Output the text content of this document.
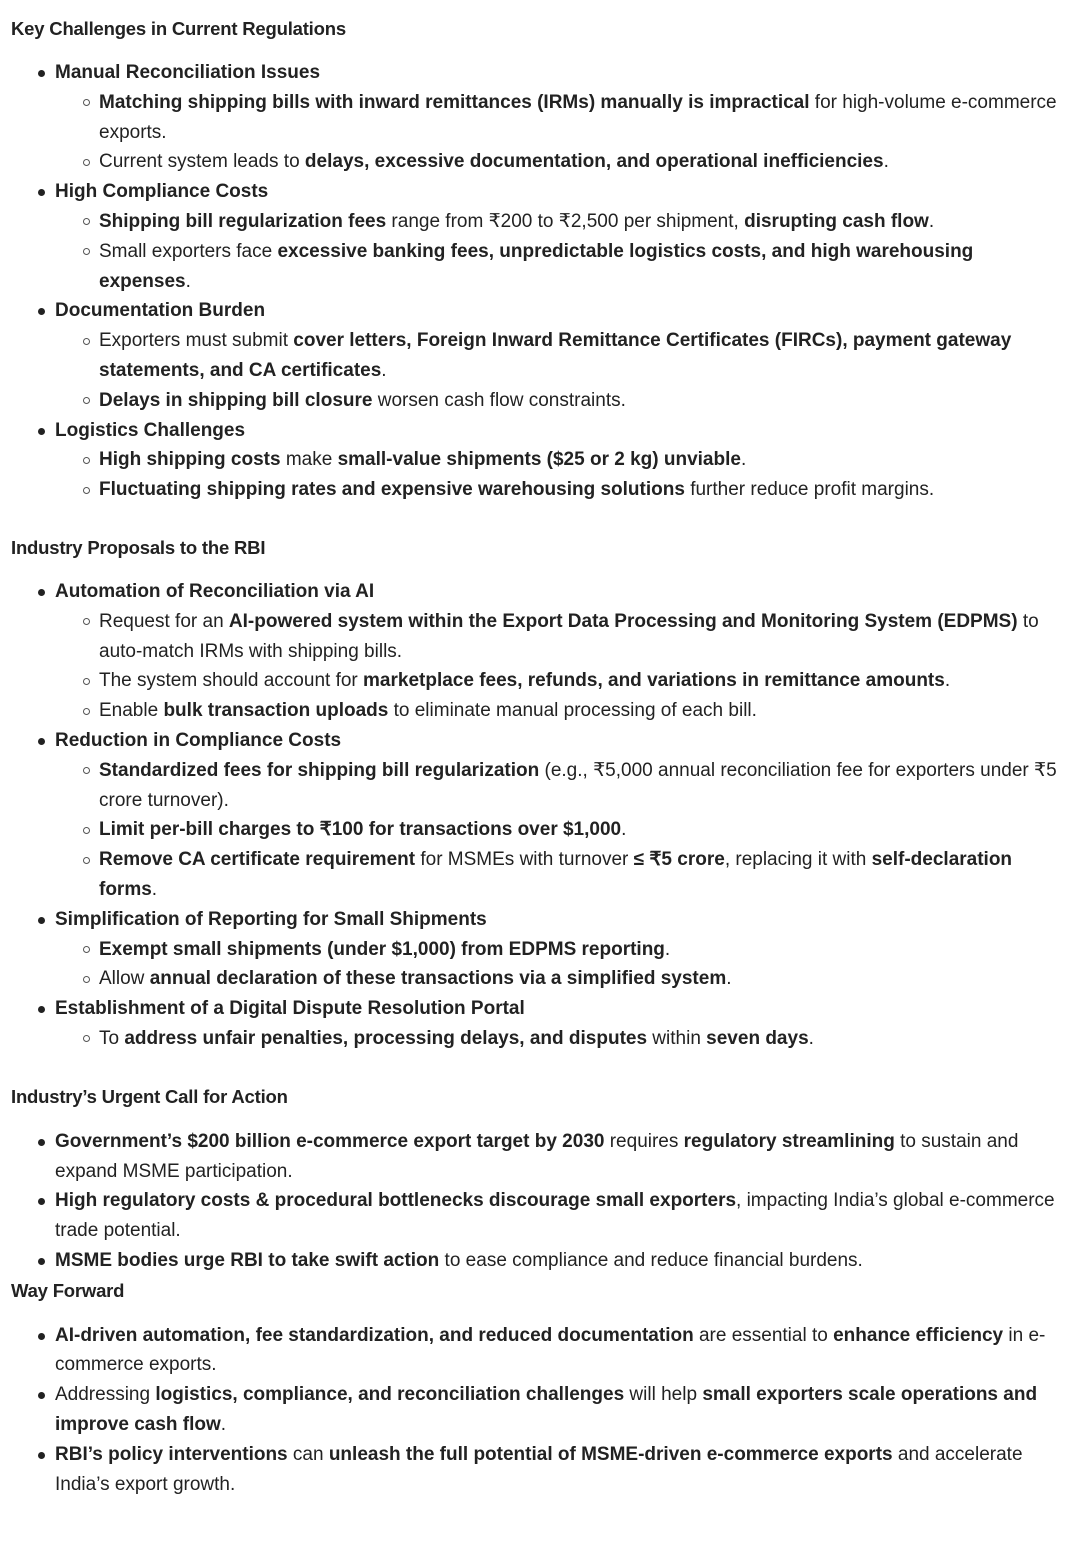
Key Challenges in Current Regulations
Manual Reconciliation Issues
Matching shipping bills with inward remittances (IRMs) manually is impractical for high-volume e-commerce exports.
Current system leads to delays, excessive documentation, and operational inefficiencies.
High Compliance Costs
Shipping bill regularization fees range from ₹200 to ₹2,500 per shipment, disrupting cash flow.
Small exporters face excessive banking fees, unpredictable logistics costs, and high warehousing expenses.
Documentation Burden
Exporters must submit cover letters, Foreign Inward Remittance Certificates (FIRCs), payment gateway statements, and CA certificates.
Delays in shipping bill closure worsen cash flow constraints.
Logistics Challenges
High shipping costs make small-value shipments ($25 or 2 kg) unviable.
Fluctuating shipping rates and expensive warehousing solutions further reduce profit margins.
Industry Proposals to the RBI
Automation of Reconciliation via AI
Request for an AI-powered system within the Export Data Processing and Monitoring System (EDPMS) to auto-match IRMs with shipping bills.
The system should account for marketplace fees, refunds, and variations in remittance amounts.
Enable bulk transaction uploads to eliminate manual processing of each bill.
Reduction in Compliance Costs
Standardized fees for shipping bill regularization (e.g., ₹5,000 annual reconciliation fee for exporters under ₹5 crore turnover).
Limit per-bill charges to ₹100 for transactions over $1,000.
Remove CA certificate requirement for MSMEs with turnover ≤ ₹5 crore, replacing it with self-declaration forms.
Simplification of Reporting for Small Shipments
Exempt small shipments (under $1,000) from EDPMS reporting.
Allow annual declaration of these transactions via a simplified system.
Establishment of a Digital Dispute Resolution Portal
To address unfair penalties, processing delays, and disputes within seven days.
Industry’s Urgent Call for Action
Government’s $200 billion e-commerce export target by 2030 requires regulatory streamlining to sustain and expand MSME participation.
High regulatory costs & procedural bottlenecks discourage small exporters, impacting India’s global e-commerce trade potential.
MSME bodies urge RBI to take swift action to ease compliance and reduce financial burdens.
Way Forward
AI-driven automation, fee standardization, and reduced documentation are essential to enhance efficiency in e-commerce exports.
Addressing logistics, compliance, and reconciliation challenges will help small exporters scale operations and improve cash flow.
RBI’s policy interventions can unleash the full potential of MSME-driven e-commerce exports and accelerate India’s export growth.
